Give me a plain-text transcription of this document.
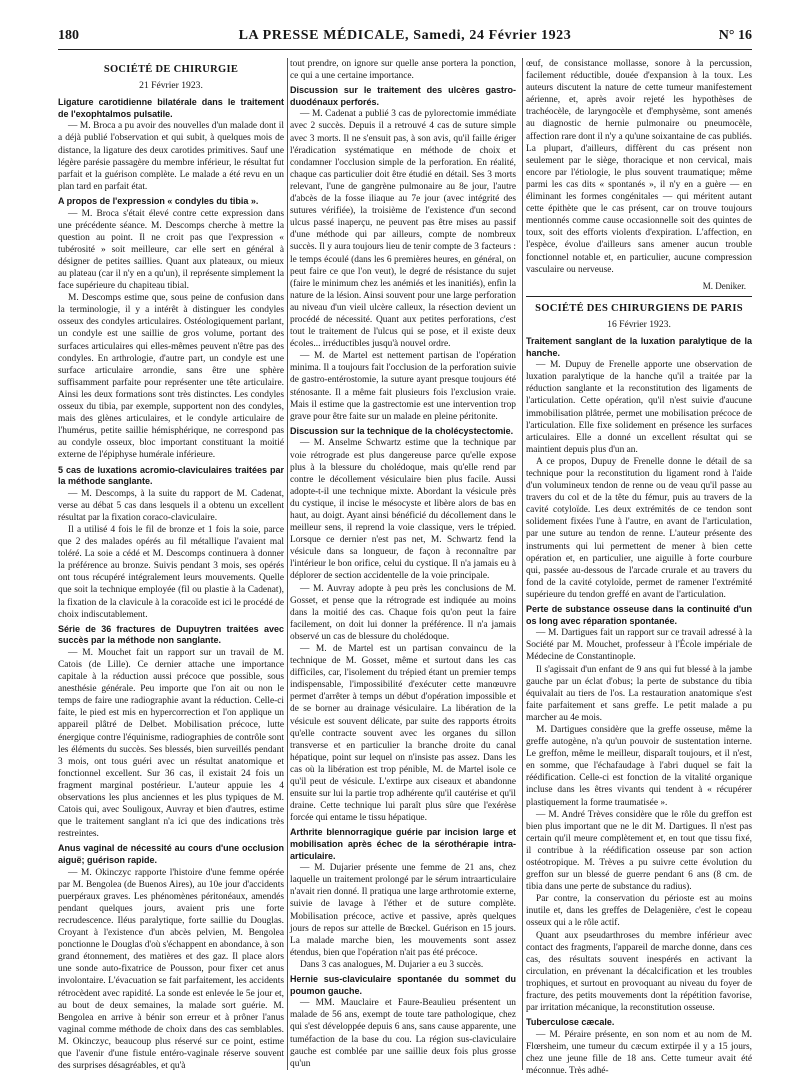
180	LA PRESSE MÉDICALE, Samedi, 24 Février 1923	N° 16
SOCIÉTÉ DE CHIRURGIE
21 Février 1923.
Ligature carotidienne bilatérale dans le traitement de l'exophtalmos pulsatile.
— M. Broca a pu avoir des nouvelles d'un malade dont il a déjà publié l'observation et qui subit, à quelques mois de distance, la ligature des deux carotides primitives. Sauf une légère parésie passagère du membre inférieur, le résultat fut parfait et la guérison complète. Le malade a été revu en un plan tard en parfait état.
A propos de l'expression « condyles du tibia ».
— M. Broca s'était élevé contre cette expression dans une précédente séance. M. Descomps cherche à mettre la question au point. Il ne croit pas que l'expression « tubérosité » soit meilleure, car elle sert en général à désigner de petites saillies. Quant aux plateaux, ou mieux au plateau (car il n'y en a qu'un), il représente simplement la face supérieure du chapiteau tibial.
M. Descomps estime que, sous peine de confusion dans la terminologie, il y a intérêt à distinguer les condyles osseux des condyles articulaires. Ostéologiquement parlant, un condyle est une saillie de gros volume, portant des surfaces articulaires qui elles-mêmes peuvent n'être pas des condyles. En arthrologie, d'autre part, un condyle est une surface articulaire arrondie, sans être une sphère suffisamment parfaite pour représenter une tête articulaire. Ainsi les deux formations sont très distinctes. Les condyles osseux du tibia, par exemple, supportent non des condyles, mais des glènes articulaires, et le condyle articulaire de l'humérus, petite saillie hémisphérique, ne correspond pas au condyle osseux, bloc important constituant la moitié externe de l'épiphyse humérale inférieure.
5 cas de luxations acromio-claviculaires traitées par la méthode sanglante.
— M. Descomps, à la suite du rapport de M. Cadenat, verse au débat 5 cas dans lesquels il a obtenu un excellent résultat par la fixation coraco-claviculaire.
Il a utilisé 4 fois le fil de bronze et 1 fois la soie, parce que 2 des malades opérés au fil métallique l'avaient mal toléré. La soie a cédé et M. Descomps continuera à donner la préférence au bronze. Suivis pendant 3 mois, ses opérés ont tous récupéré intégralement leurs mouvements. Quelle que soit la technique employée (fil ou plastie à la Cadenat), la fixation de la clavicule à la coracoïde est ici le procédé de choix indiscutablement.
Série de 36 fractures de Dupuytren traitées avec succès par la méthode non sanglante.
— M. Mouchet fait un rapport sur un travail de M. Catois (de Lille). Ce dernier attache une importance capitale à la réduction aussi précoce que possible, sous anesthésie générale. Peu importe que l'on ait ou non le temps de faire une radiographie avant la réduction. Celle-ci faite, le pied est mis en hypercorrection et l'on applique un appareil plâtré de Delbet. Mobilisation précoce, lutte énergique contre l'équinisme, radiographies de contrôle sont les éléments du succès. Ses blessés, bien surveillés pendant 3 mois, ont tous guéri avec un résultat anatomique et fonctionnel excellent. Sur 36 cas, il existait 24 fois un fragment marginal postérieur. L'auteur appuie les 4 observations les plus anciennes et les plus typiques de M. Catois qui, avec Souligoux, Auvray et bien d'autres, estime que le traitement sanglant n'a ici que des indications très restreintes.
Anus vaginal de nécessité au cours d'une occlusion aiguë; guérison rapide.
— M. Okinczyc rapporte l'histoire d'une femme opérée par M. Bengolea (de Buenos Aires), au 10e jour d'accidents puerpéraux graves. Les phénomènes péritonéaux, amendés pendant quelques jours, avaient pris une forte recrudescence. Iléus paralytique, forte saillie du Douglas. Croyant à l'existence d'un abcès pelvien, M. Bengolea ponctionne le Douglas d'où s'échappent en abondance, à son grand étonnement, des matières et des gaz. Il place alors une sonde auto-fixatrice de Pousson, pour fixer cet anus involontaire. L'évacuation se fait parfaitement, les accidents rétrocèdent avec rapidité. La sonde est enlevée le 5e jour et, au bout de deux semaines, la malade sort guérie. M. Bengolea en arrive à bénir son erreur et à prôner l'anus vaginal comme méthode de choix dans des cas semblables. M. Okinczyc, beaucoup plus réservé sur ce point, estime que l'avenir d'une fistule entéro-vaginale réserve souvent des surprises désagréables, et qu'à
tout prendre, on ignore sur quelle anse portera la ponction, ce qui a une certaine importance.
Discussion sur le traitement des ulcères gastro-duodénaux perforés.
— M. Cadenat a publié 3 cas de pylorectomie immédiate avec 2 succès. Depuis il a retrouvé 4 cas de suture simple avec 3 morts. Il ne s'ensuit pas, à son avis, qu'il faille ériger l'éradication systématique en méthode de choix et condamner l'occlusion simple de la perforation. En réalité, chaque cas particulier doit être étudié en détail. Ses 3 morts relevant, l'une de gangrène pulmonaire au 8e jour, l'autre d'abcès de la fosse iliaque au 7e jour (avec intégrité des sutures vérifiée), la troisième de l'existence d'un second ulcus passé inaperçu, ne peuvent pas être mises au passif d'une méthode qui par ailleurs, compte de nombreux succès. Il y aura toujours lieu de tenir compte de 3 facteurs : le temps écoulé (dans les 6 premières heures, en général, on peut faire ce que l'on veut), le degré de résistance du sujet (faire le minimum chez les anémiés et les inanitiés), enfin la nature de la lésion. Ainsi souvent pour une large perforation au niveau d'un vieil ulcère calleux, la résection devient un procédé de nécessité. Quant aux petites perforations, c'est tout le traitement de l'ulcus qui se pose, et il existe deux écoles... irréductibles jusqu'à nouvel ordre.
— M. de Martel est nettement partisan de l'opération minima. Il a toujours fait l'occlusion de la perforation suivie de gastro-entérostomie, la suture ayant presque toujours été sténosante. Il a même fait plusieurs fois l'exclusion vraie. Mais il estime que la gastrectomie est une intervention trop grave pour être faite sur un malade en pleine péritonite.
Discussion sur la technique de la cholécystectomie.
— M. Anselme Schwartz estime que la technique par voie rétrograde est plus dangereuse parce qu'elle expose plus à la blessure du cholédoque, mais qu'elle rend par contre le décollement vésiculaire bien plus facile. Aussi adopte-t-il une technique mixte. Abordant la vésicule près du cystique, il incise le mésocyste et libère alors de bas en haut, au doigt. Ayant ainsi bénéficié du décollement dans le meilleur sens, il reprend la voie classique, vers le trépied. Lorsque ce dernier n'est pas net, M. Schwartz fend la vésicule dans sa longueur, de façon à reconnaître par l'intérieur le bon orifice, celui du cystique. Il n'a jamais eu à déplorer de section accidentelle de la voie principale.
— M. Auvray adopte à peu près les conclusions de M. Gosset, et pense que la rétrograde est indiquée au moins dans la moitié des cas. Chaque fois qu'on peut la faire facilement, on doit lui donner la préférence. Il n'a jamais observé un cas de blessure du cholédoque.
— M. de Martel est un partisan convaincu de la technique de M. Gosset, même et surtout dans les cas difficiles, car, l'isolement du trépied étant un premier temps indispensable, l'impossibilité d'exécuter cette manœuvre permet d'arrêter à temps un début d'opération impossible et de se borner au drainage vésiculaire. La libération de la vésicule est souvent délicate, par suite des rapports étroits qu'elle contracte souvent avec les organes du sillon transverse et en particulier la branche droite du canal hépatique, point sur lequel on n'insiste pas assez. Dans les cas où la libération est trop pénible, M. de Martel isole ce qu'il peut de vésicule. L'extirpe aux ciseaux et abandonne ensuite sur lui la partie trop adhérente qu'il cautérise et qu'il draine. Cette technique lui paraît plus sûre que l'exérèse forcée qui entame le tissu hépatique.
Arthrite blennorragique guérie par incision large et mobilisation après échec de la sérothérapie intra-articulaire.
— M. Dujarier présente une femme de 21 ans, chez laquelle un traitement prolongé par le sérum intraarticulaire n'avait rien donné. Il pratiqua une large arthrotomie externe, suivie de lavage à l'éther et de suture complète. Mobilisation précoce, active et passive, après quelques jours de repos sur attelle de Bœckel. Guérison en 15 jours. La malade marche bien, les mouvements sont assez étendus, bien que l'opération n'ait pas été précoce.
Dans 3 cas analogues, M. Dujarier a eu 3 succès.
Hernie sus-claviculaire spontanée du sommet du poumon gauche.
— MM. Mauclaire et Faure-Beaulieu présentent un malade de 56 ans, exempt de toute tare pathologique, chez qui s'est développée depuis 6 ans, sans cause apparente, une tuméfaction de la base du cou. La région sus-claviculaire gauche est comblée par une saillie deux fois plus grosse qu'un
œuf, de consistance mollasse, sonore à la percussion, facilement réductible, douée d'expansion à la toux. Les auteurs discutent la nature de cette tumeur manifestement aérienne, et, après avoir rejeté les hypothèses de trachéocèle, de laryngocèle et d'emphysème, sont amenés au diagnostic de hernie pulmonaire ou pneumocèle, affection rare dont il n'y a qu'une soixantaine de cas publiés. La plupart, d'ailleurs, diffèrent du cas présent non seulement par le siège, thoracique et non cervical, mais encore par l'étiologie, le plus souvent traumatique; même parmi les cas dits « spontanés », il n'y en a guère — en éliminant les formes congénitales — qui méritent autant cette épithète que le cas présent, car on trouve toujours mentionnés comme cause occasionnelle soit des quintes de toux, soit des efforts violents d'expiration. L'affection, en l'espèce, évolue d'ailleurs sans amener aucun trouble fonctionnel notable et, en particulier, aucune compression vasculaire ou nerveuse.
M. Deniker.
SOCIÉTÉ DES CHIRURGIENS DE PARIS
16 Février 1923.
Traitement sanglant de la luxation paralytique de la hanche.
— M. Dupuy de Frenelle apporte une observation de luxation paralytique de la hanche qu'il a traitée par la réduction sanglante et la reconstitution des ligaments de l'articulation. Cette opération, qu'il n'est suivie d'aucune immobilisation plâtrée, permet une mobilisation précoce de l'articulation. Elle fixe solidement en présence les surfaces articulaires. Elle a donné un excellent résultat qui se maintient depuis plus d'un an.
A ce propos, Dupuy de Frenelle donne le détail de sa technique pour la reconstitution du ligament rond à l'aide d'un volumineux tendon de renne ou de veau qu'il passe au travers du col et de la tête du fémur, puis au travers de la cavité cotyloïde. Les deux extrémités de ce tendon sont solidement fixées l'une à l'autre, en avant de l'articulation, par une suture au tendon de renne. L'auteur présente des instruments qui lui permettent de mener à bien cette opération et, en particulier, une aiguille à forte courbure qui, passée au-dessous de l'arcade crurale et au travers du fond de la cavité cotyloïde, permet de ramener l'extrémité supérieure du tendon greffé en avant de l'articulation.
Perte de substance osseuse dans la continuité d'un os long avec réparation spontanée.
— M. Dartigues fait un rapport sur ce travail adressé à la Société par M. Mouchet, professeur à l'École impériale de Médecine de Constantinople.
Il s'agissait d'un enfant de 9 ans qui fut blessé à la jambe gauche par un éclat d'obus; la perte de substance du tibia équivalait au tiers de l'os. La restauration anatomique s'est faite parfaitement et sans greffe. Le petit malade a pu marcher au 4e mois.
M. Dartigues considère que la greffe osseuse, même la greffe autogène, n'a qu'un pouvoir de sustentation interne. Le greffon, même le meilleur, disparaît toujours, et il n'est, en somme, que l'échafaudage à l'abri duquel se fait la réédification. Celle-ci est fonction de la vitalité organique incluse dans les êtres vivants qui tendent à « récupérer plastiquement la forme traumatisée ».
— M. André Trèves considère que le rôle du greffon est bien plus important que ne le dit M. Dartigues. Il n'est pas certain qu'il meure complètement et, en tout que tissu fixé, il contribue à la réédification osseuse par son action ostéotropique. M. Trèves a pu suivre cette évolution du greffon sur un blessé de guerre pendant 6 ans (8 cm. de tibia dans une perte de substance du radius).
Par contre, la conservation du périoste est au moins inutile et, dans les greffes de Delagenière, c'est le copeau osseux qui a le rôle actif.
Quant aux pseudarthroses du membre inférieur avec contact des fragments, l'appareil de marche donne, dans ces cas, des résultats souvent inespérés en activant la circulation, en prévenant la décalcification et les troubles trophiques, et surtout en provoquant au niveau du foyer de fracture, des petits mouvements dont la répétition favorise, par irritation mécanique, la reconstitution osseuse.
Tuberculose cæcale.
— M. Péraire présente, en son nom et au nom de M. Flœrsheim, une tumeur du cæcum extirpée il y a 15 jours, chez une jeune fille de 18 ans. Cette tumeur avait été méconnue. Très adhé-
